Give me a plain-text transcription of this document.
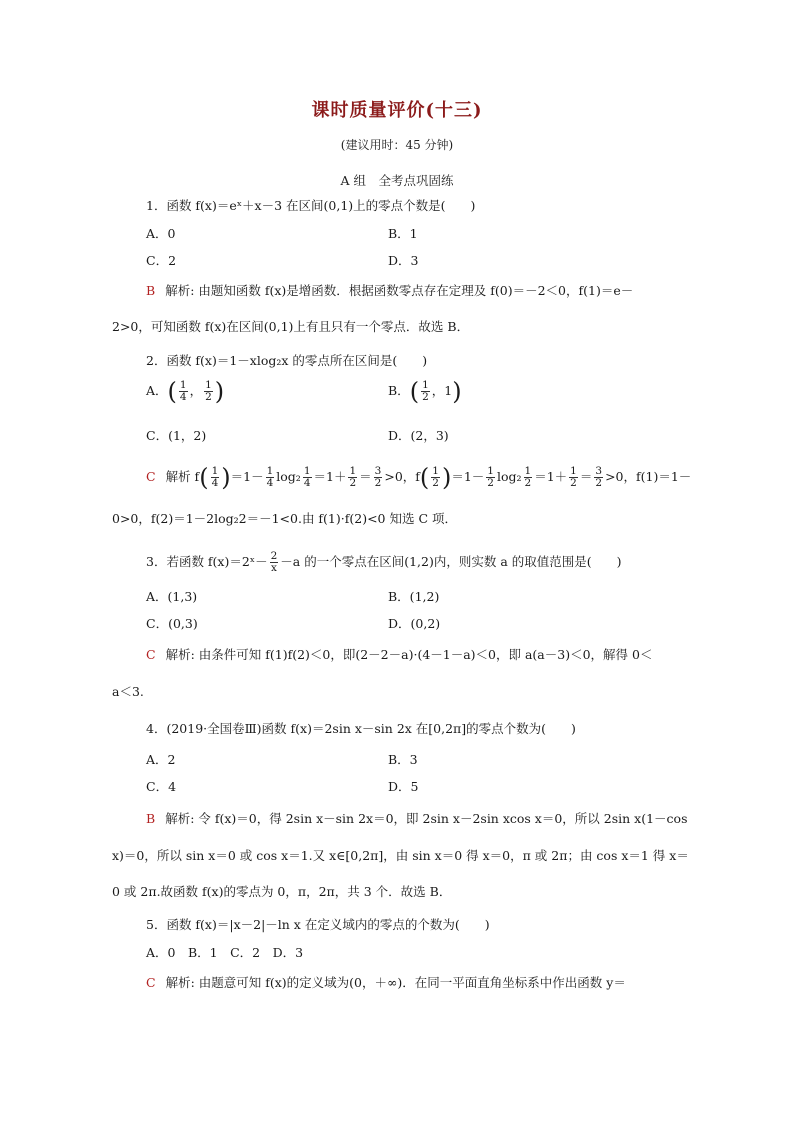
课时质量评价(十三)
(建议用时：45 分钟)
A 组　全考点巩固练
1．函数 f(x)＝eˣ＋x－3 在区间(0,1)上的零点个数是(　　)
A．0	B．1
C．2	D．3
B 解析: 由题知函数 f(x)是增函数．根据函数零点存在定理及 f(0)＝－2＜0，f(1)＝e－
2>0，可知函数 f(x)在区间(0,1)上有且只有一个零点．故选 B．
2．函数 f(x)＝1－xlog₂x 的零点所在区间是(　　)
A．( $\frac{1}{4}$ ， $\frac{1}{2}$ )	B．( $\frac{1}{2}$ ，1)
C．(1，2)	D．(2，3)
C 解析 $f( \frac{1}{4} )=1- \frac{1}{4} \log_2 \frac{1}{4} =1+ \frac{1}{2} = \frac{3}{2} >0$，$f( \frac{1}{2} )=1- \frac{1}{2} \log_2 \frac{1}{2} =1+ \frac{1}{2} = \frac{3}{2} >0$，f(1)＝1－
0>0，f(2)＝1－2log₂2＝－1<0.由 f(1)·f(2)<0 知选 C 项．
3．若函数 f(x)＝2ˣ－ $\frac{2}{x} -a$ 的一个零点在区间(1,2)内，则实数 a 的取值范围是(　　)
A．(1,3)	B．(1,2)
C．(0,3)	D．(0,2)
C 解析: 由条件可知 f(1)f(2)＜0，即(2－2－a)·(4－1－a)＜0，即 a(a－3)＜0，解得 0＜
a＜3.
4．(2019·全国卷Ⅲ)函数 f(x)＝2sin x－sin 2x 在[0,2π]的零点个数为(　　)
A．2	B．3
C．4	D．5
B 解析: 令 f(x)＝0，得 2sin x－sin 2x＝0，即 2sin x－2sin xcos x＝0，所以 2sin x(1－cos
x)＝0，所以 sin x＝0 或 cos x＝1.又 x∈[0,2π]，由 sin x＝0 得 x＝0，π 或 2π；由 cos x＝1 得 x＝
0 或 2π.故函数 f(x)的零点为 0，π，2π，共 3 个．故选 B．
5．函数 f(x)＝|x－2|－ln x 在定义域内的零点的个数为(　　)
A．0　B．1　C．2　D．3
C 解析: 由题意可知 f(x)的定义域为(0，＋∞)．在同一平面直角坐标系中作出函数 y＝
